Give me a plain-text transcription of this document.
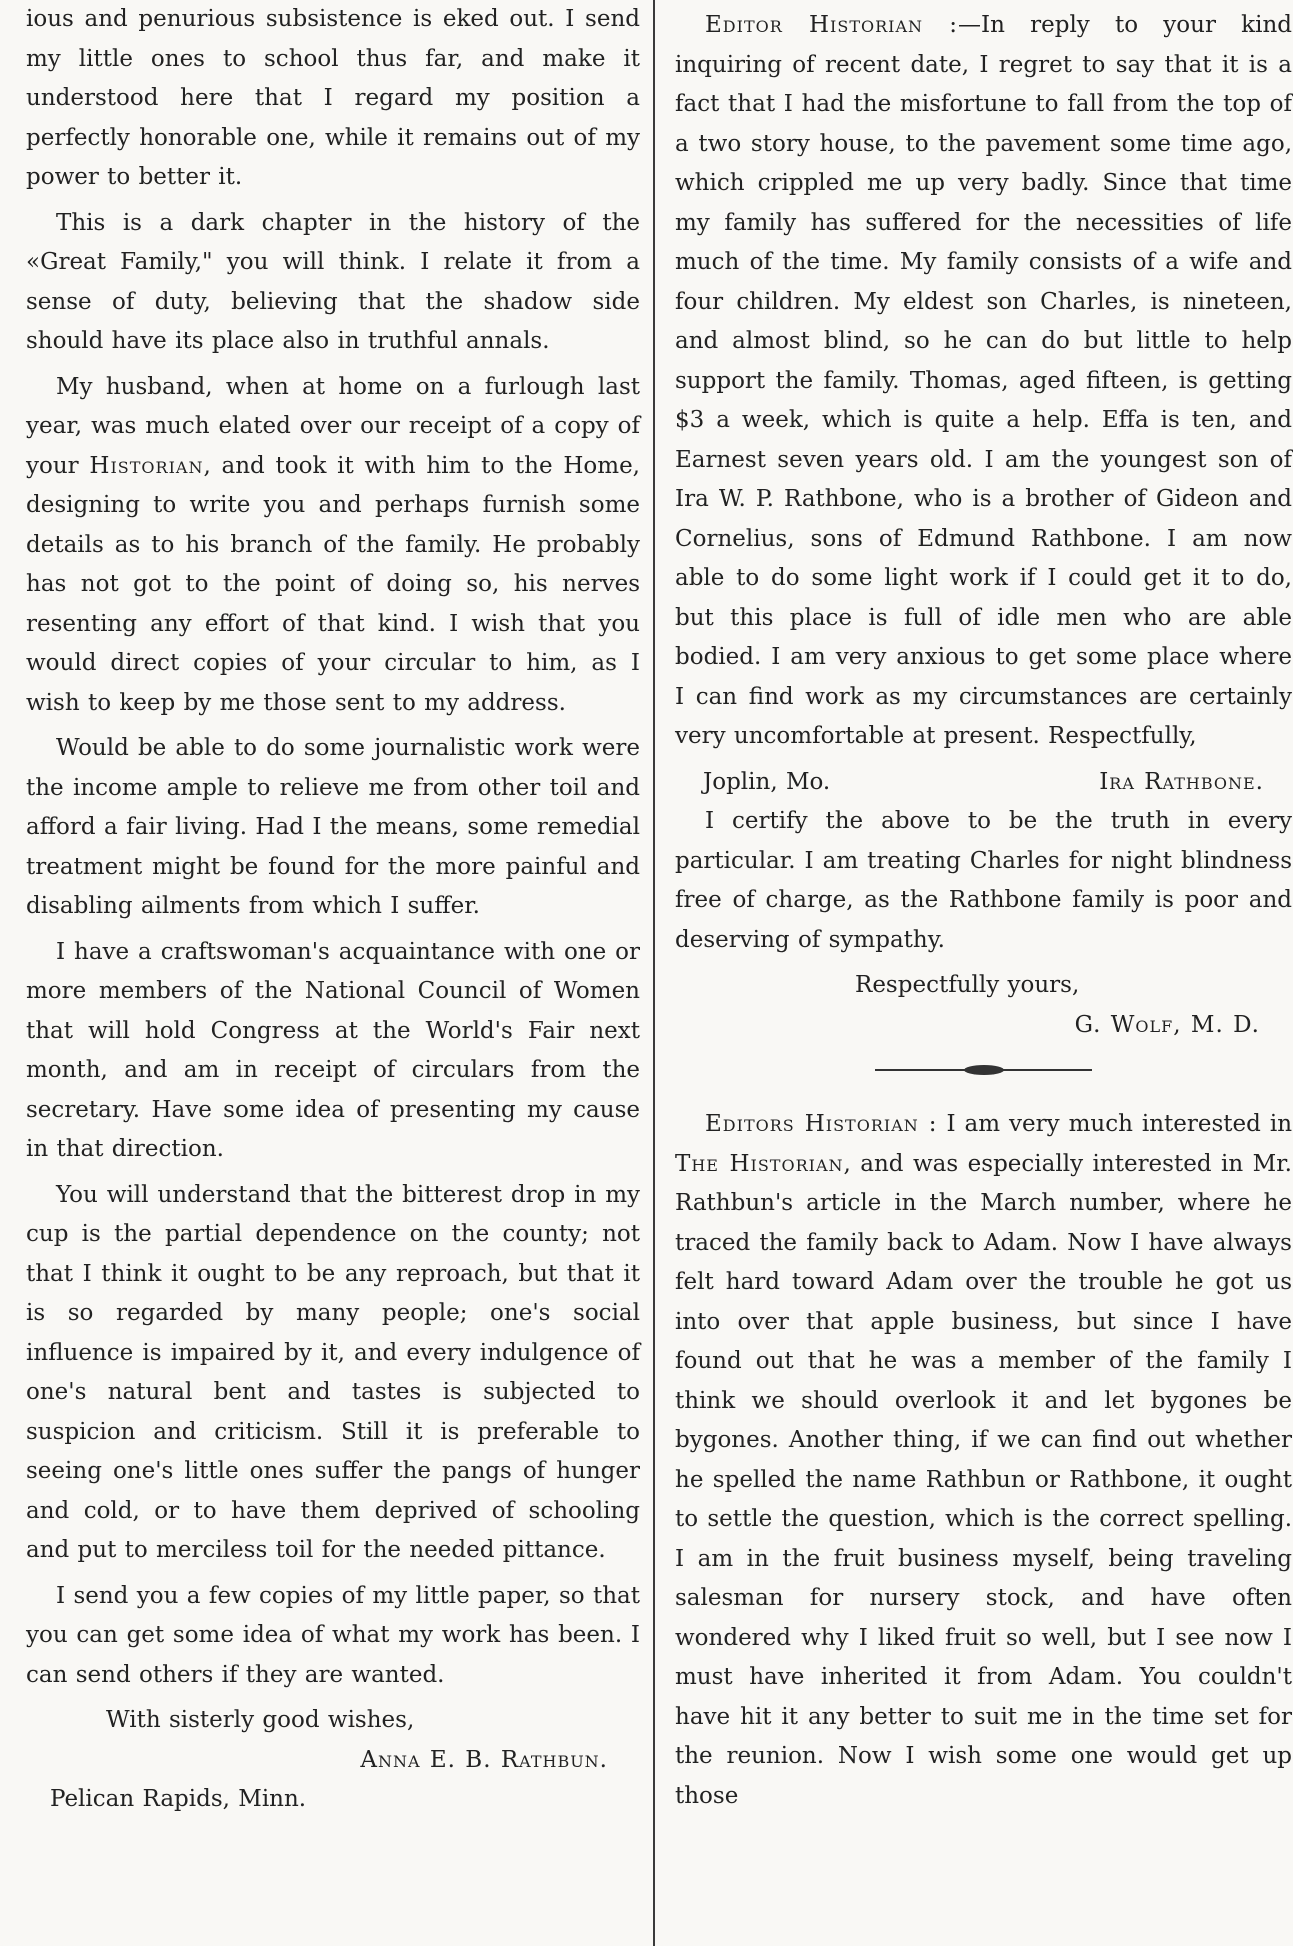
ious and penurious subsistence is eked out. I send my little ones to school thus far, and make it understood here that I regard my position a perfectly honorable one, while it remains out of my power to better it.

This is a dark chapter in the history of the «Great Family," you will think. I relate it from a sense of duty, believing that the shadow side should have its place also in truthful annals.

My husband, when at home on a furlough last year, was much elated over our receipt of a copy of your Historian, and took it with him to the Home, designing to write you and perhaps furnish some details as to his branch of the family. He probably has not got to the point of doing so, his nerves resenting any effort of that kind. I wish that you would direct copies of your circular to him, as I wish to keep by me those sent to my address.

Would be able to do some journalistic work were the income ample to relieve me from other toil and afford a fair living. Had I the means, some remedial treatment might be found for the more painful and disabling ailments from which I suffer.

I have a craftswoman's acquaintance with one or more members of the National Council of Women that will hold Congress at the World's Fair next month, and am in receipt of circulars from the secretary. Have some idea of presenting my cause in that direction.

You will understand that the bitterest drop in my cup is the partial dependence on the county; not that I think it ought to be any reproach, but that it is so regarded by many people; one's social influence is impaired by it, and every indulgence of one's natural bent and tastes is subjected to suspicion and criticism. Still it is preferable to seeing one's little ones suffer the pangs of hunger and cold, or to have them deprived of schooling and put to merciless toil for the needed pittance.

I send you a few copies of my little paper, so that you can get some idea of what my work has been. I can send others if they are wanted.

With sisterly good wishes,

Anna E. B. Rathbun.

Pelican Rapids, Minn.

Editor Historian :—In reply to your kind inquiring of recent date, I regret to say that it is a fact that I had the misfortune to fall from the top of a two story house, to the pavement some time ago, which crippled me up very badly. Since that time my family has suffered for the necessities of life much of the time. My family consists of a wife and four children. My eldest son Charles, is nineteen, and almost blind, so he can do but little to help support the family. Thomas, aged fifteen, is getting $3 a week, which is quite a help. Effa is ten, and Earnest seven years old. I am the youngest son of Ira W. P. Rathbone, who is a brother of Gideon and Cornelius, sons of Edmund Rathbone. I am now able to do some light work if I could get it to do, but this place is full of idle men who are able bodied. I am very anxious to get some place where I can find work as my circumstances are certainly very uncomfortable at present. Respectfully,

Joplin, Mo.	Ira Rathbone.

I certify the above to be the truth in every particular. I am treating Charles for night blindness free of charge, as the Rathbone family is poor and deserving of sympathy.

Respectfully yours,

G. Wolf, M. D.

Editors Historian : I am very much interested in The Historian, and was especially interested in Mr. Rathbun's article in the March number, where he traced the family back to Adam. Now I have always felt hard toward Adam over the trouble he got us into over that apple business, but since I have found out that he was a member of the family I think we should overlook it and let bygones be bygones. Another thing, if we can find out whether he spelled the name Rathbun or Rathbone, it ought to settle the question, which is the correct spelling. I am in the fruit business myself, being traveling salesman for nursery stock, and have often wondered why I liked fruit so well, but I see now I must have inherited it from Adam. You couldn't have hit it any better to suit me in the time set for the reunion. Now I wish some one would get up those
